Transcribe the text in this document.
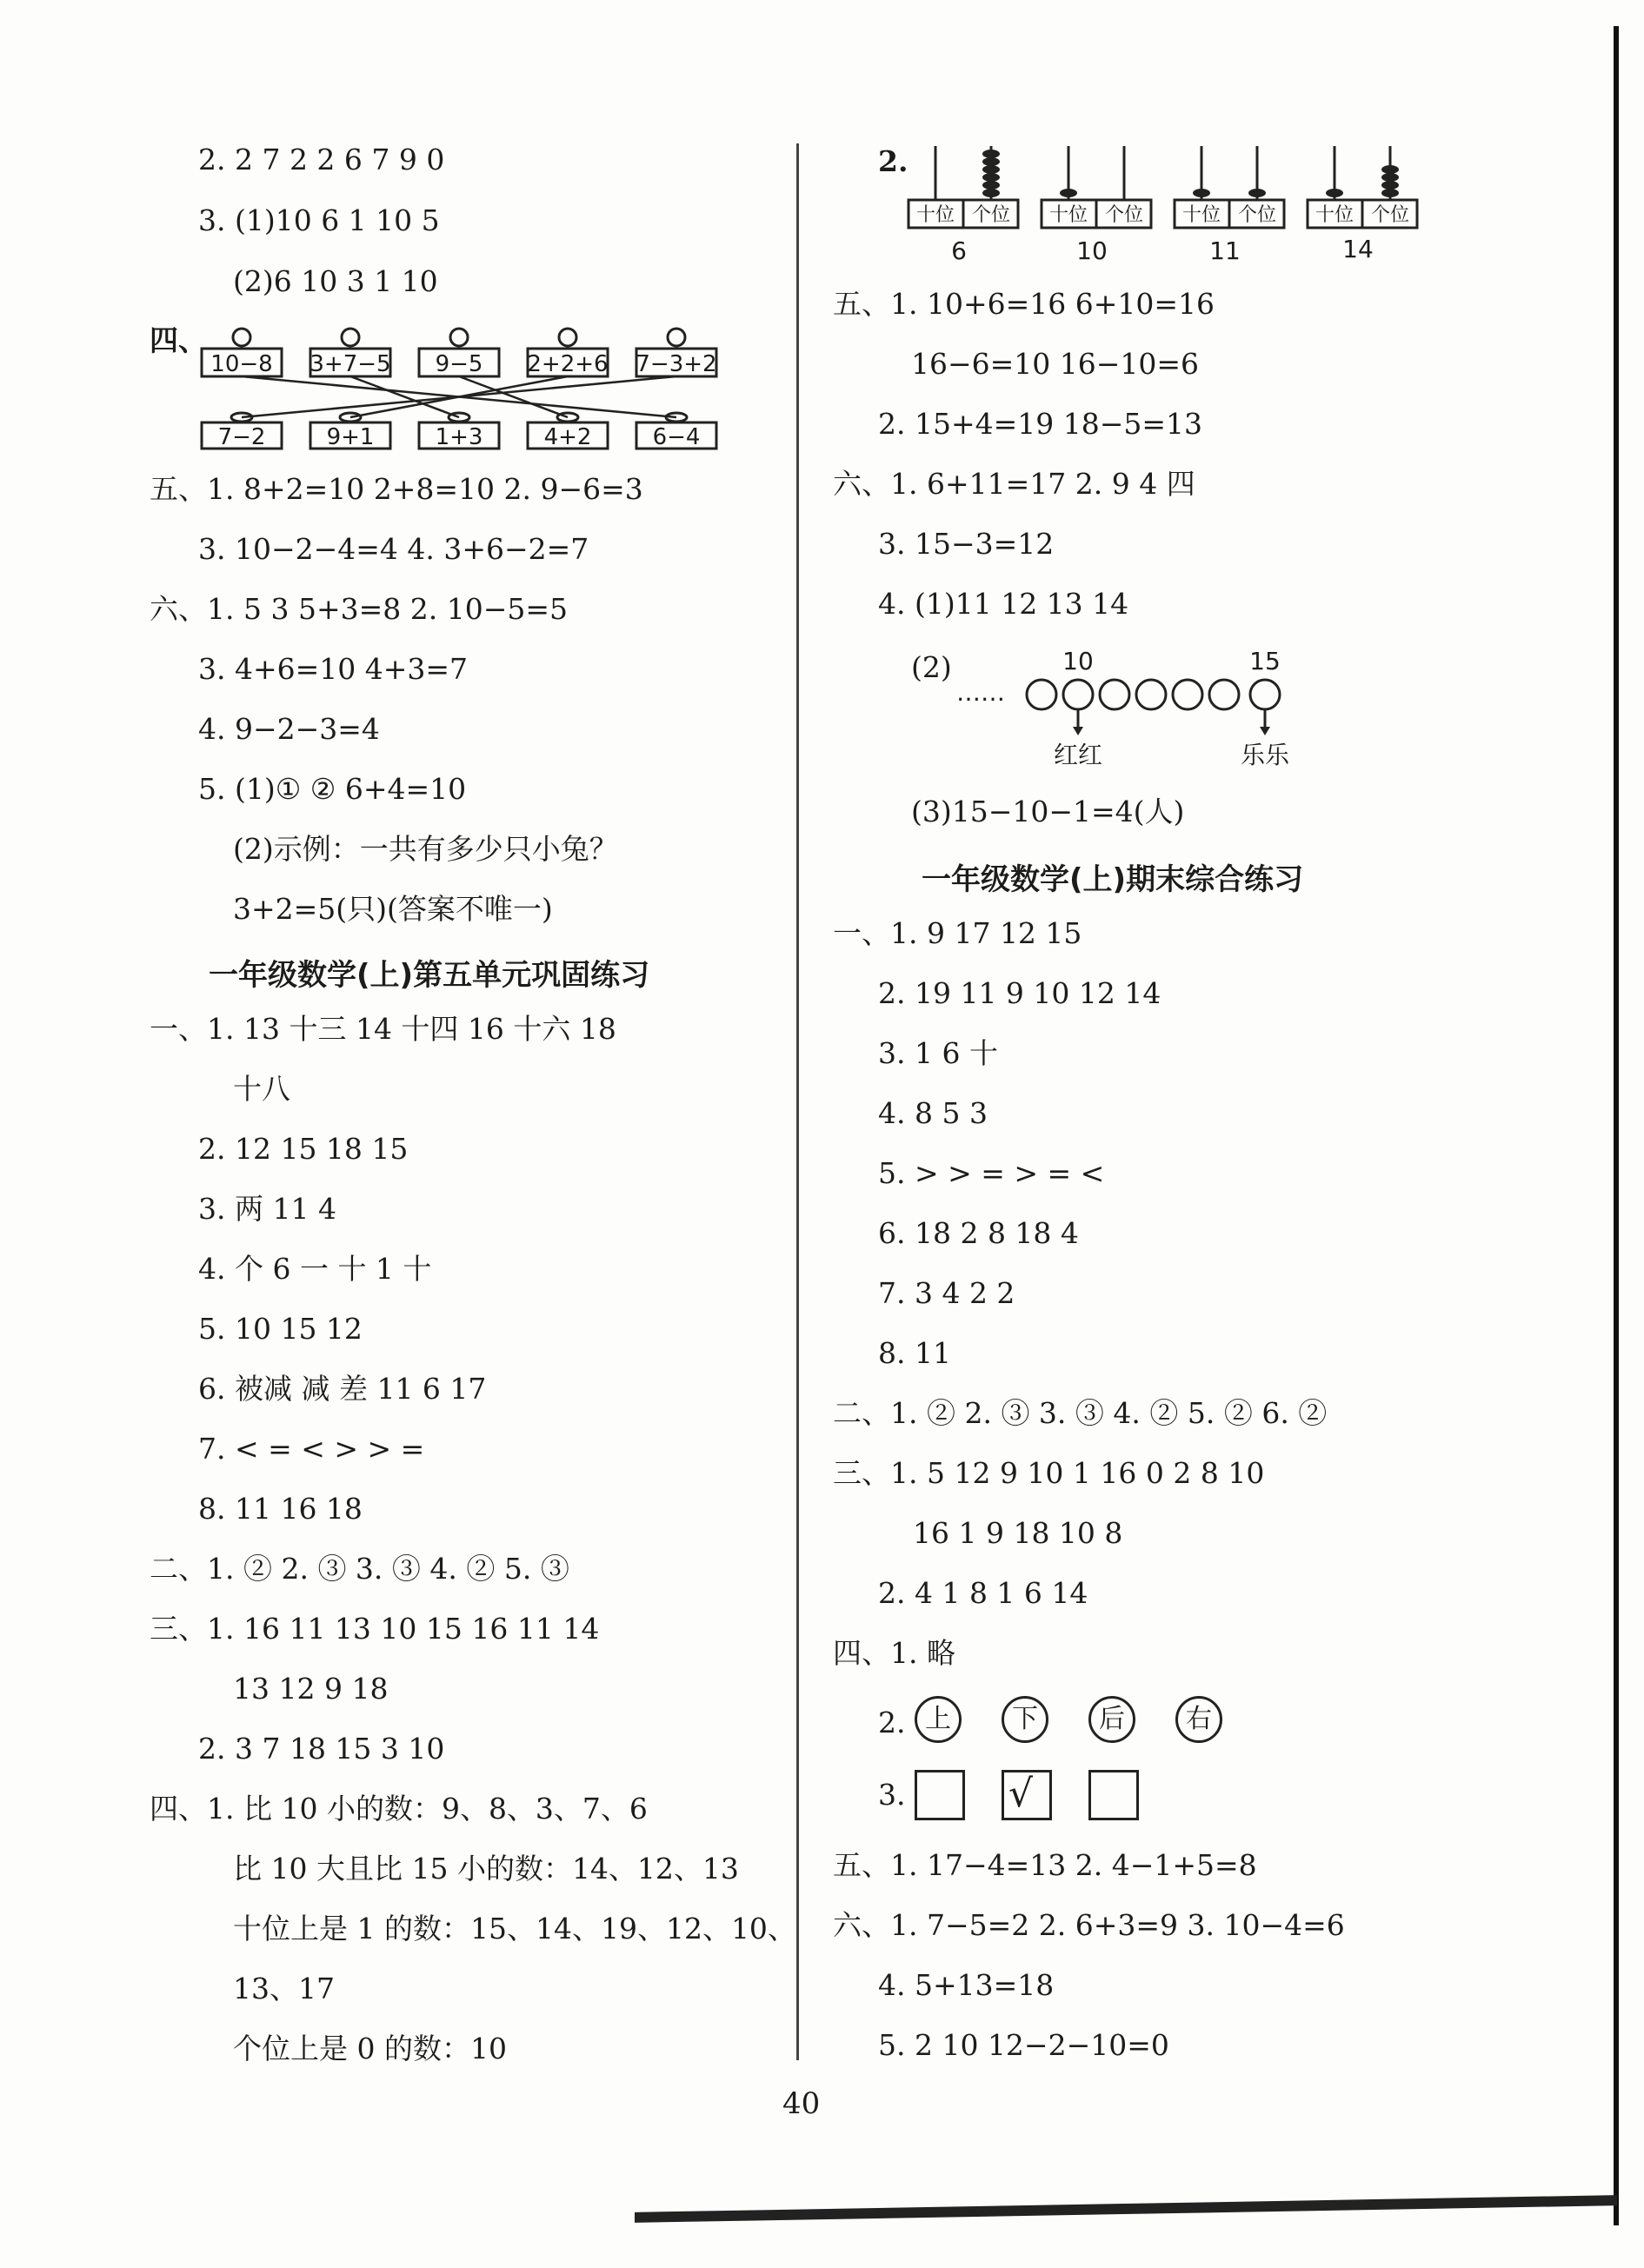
2. 2 7 2 2 6 7 9 0
3. (1)10 6 1 10 5
(2)6 10 3 1 10
四、
10−8 3+7−5 9−5 2+2+6 7−3+2
7−2	9+1	1+3	4+2	6−4
五、1. 8+2=10 2+8=10 2. 9−6=3
3. 10−2−4=4 4. 3+6−2=7
六、1. 5 3 5+3=8 2. 10−5=5
3. 4+6=10 4+3=7
4. 9−2−3=4
5. (1)① ② 6+4=10
(2)示例：一共有多少只小兔？
3+2=5(只)(答案不唯一)
一年级数学(上)第五单元巩固练习
一、1. 13 十三 14 十四 16 十六 18
十八
2. 12 15 18 15
3. 两 11 4
4. 个 6 一 十 1 十
5. 10 15 12
6. 被减 减 差 11 6 17
7. < = < > > =
8. 11 16 18
二、1. ② 2. ③ 3. ③ 4. ② 5. ③
三、1. 16 11 13 10 15 16 11 14
13 12 9 18
2. 3 7 18 15 3 10
四、1. 比 10 小的数：9、8、3、7、6
比 10 大且比 15 小的数：14、12、13
十位上是 1 的数：15、14、19、12、10、
13、17
个位上是 0 的数：10
2.
十位 个位 十位 个位 十位 个位 十位 个位
6	10	11	14
五、1. 10+6=16 6+10=16
16−6=10 16−10=6
2. 15+4=19 18−5=13
六、1. 6+11=17 2. 9 4 四
3. 15−3=12
4. (1)11 12 13 14
(2)
……
10	15
红红	乐乐
(3)15−10−1=4(人)
一年级数学(上)期末综合练习
一、1. 9 17 12 15
2. 19 11 9 10 12 14
3. 1 6 十
4. 8 5 3
5. > > = > = <
6. 18 2 8 18 4
7. 3 4 2 2
8. 11
二、1. ② 2. ③ 3. ③ 4. ② 5. ② 6. ②
三、1. 5 12 9 10 1 16 0 2 8 10
16 1 9 18 10 8
2. 4 1 8 1 6 14
四、1. 略
2. 上	下	后	右
3.	√
五、1. 17−4=13 2. 4−1+5=8
六、1. 7−5=2 2. 6+3=9 3. 10−4=6
4. 5+13=18
5. 2 10 12−2−10=0
40
